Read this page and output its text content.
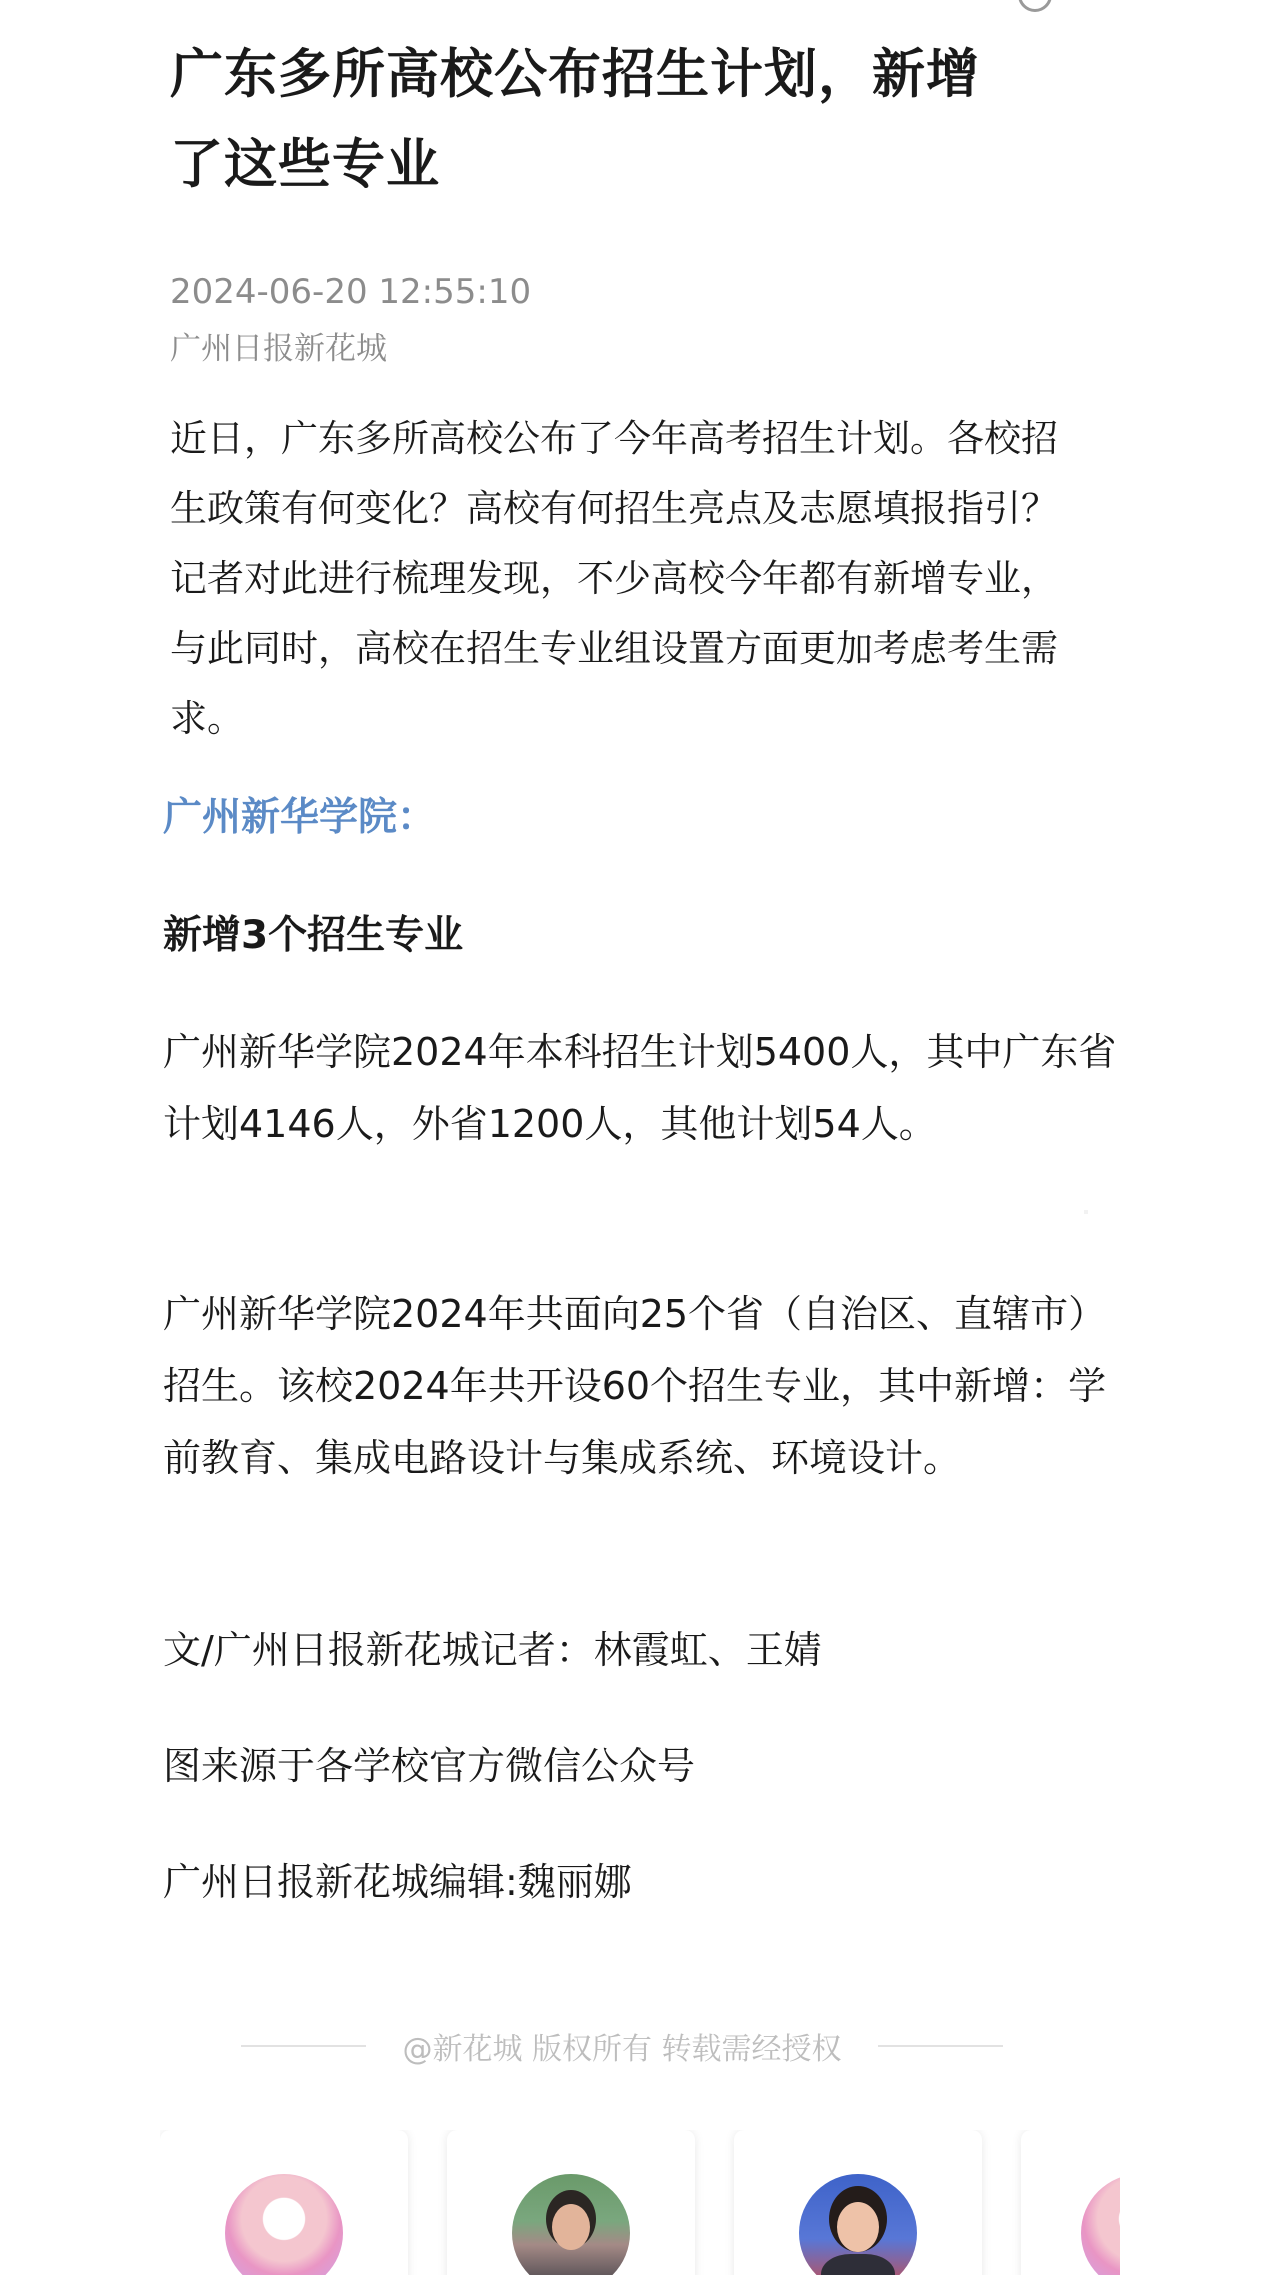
广东多所高校公布招生计划，新增了这些专业
2024-06-20 12:55:10
广州日报新花城
近日，广东多所高校公布了今年高考招生计划。各校招生政策有何变化？高校有何招生亮点及志愿填报指引？记者对此进行梳理发现，不少高校今年都有新增专业，与此同时，高校在招生专业组设置方面更加考虑考生需求。
广州新华学院：
新增3个招生专业
广州新华学院2024年本科招生计划5400人，其中广东省计划4146人，外省1200人，其他计划54人。
广州新华学院2024年共面向25个省（自治区、直辖市）招生。该校2024年共开设60个招生专业，其中新增：学前教育、集成电路设计与集成系统、环境设计。
文/广州日报新花城记者：林霞虹、王婧
图来源于各学校官方微信公众号
广州日报新花城编辑:魏丽娜
@新花城 版权所有 转载需经授权
